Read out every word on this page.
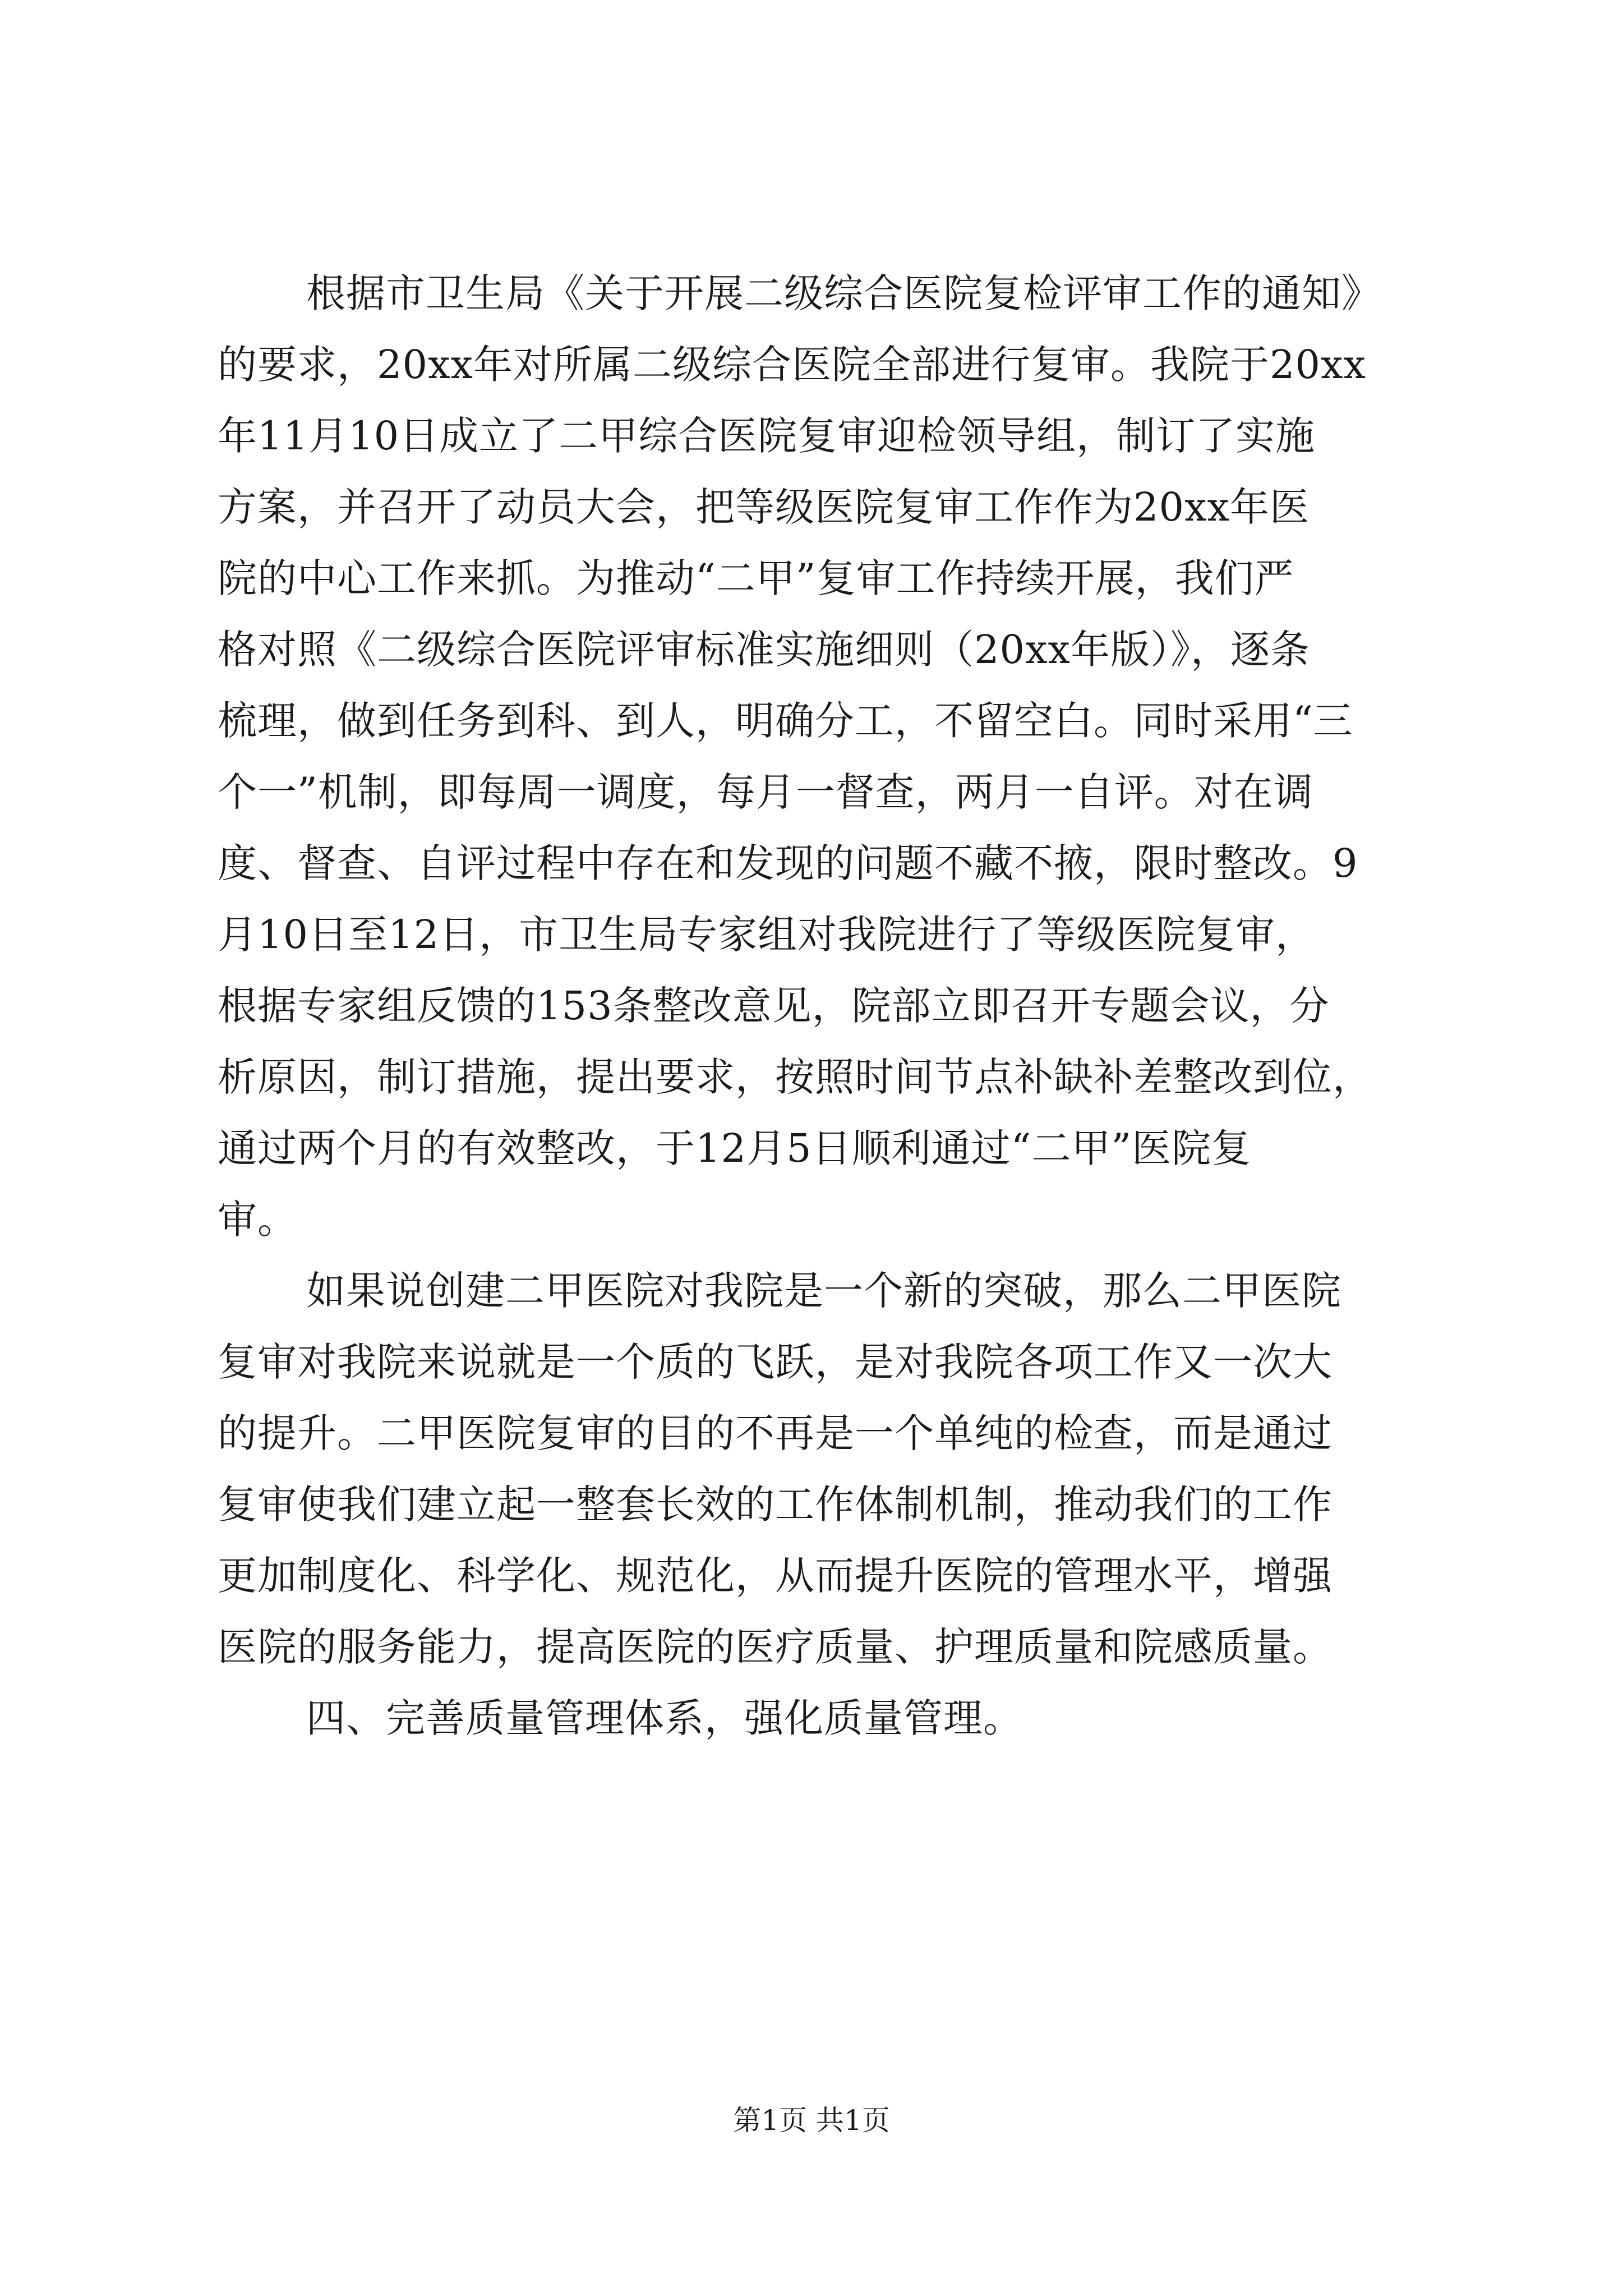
根据市卫生局《关于开展二级综合医院复检评审工作的通知》
的要求，20xx年对所属二级综合医院全部进行复审。我院于20xx
年11月10日成立了二甲综合医院复审迎检领导组，制订了实施
方案，并召开了动员大会，把等级医院复审工作作为20xx年医
院的中心工作来抓。为推动“二甲”复审工作持续开展，我们严
格对照《二级综合医院评审标准实施细则（20xx年版）》，逐条
梳理，做到任务到科、到人，明确分工，不留空白。同时采用“三
个一”机制，即每周一调度，每月一督查，两月一自评。对在调
度、督查、自评过程中存在和发现的问题不藏不掖，限时整改。9
月10日至12日，市卫生局专家组对我院进行了等级医院复审，
根据专家组反馈的153条整改意见，院部立即召开专题会议，分
析原因，制订措施，提出要求，按照时间节点补缺补差整改到位，
通过两个月的有效整改，于12月5日顺利通过“二甲”医院复
审。
如果说创建二甲医院对我院是一个新的突破，那么二甲医院
复审对我院来说就是一个质的飞跃，是对我院各项工作又一次大
的提升。二甲医院复审的目的不再是一个单纯的检查，而是通过
复审使我们建立起一整套长效的工作体制机制，推动我们的工作
更加制度化、科学化、规范化，从而提升医院的管理水平，增强
医院的服务能力，提高医院的医疗质量、护理质量和院感质量。
四、完善质量管理体系，强化质量管理。
第1页 共1页
